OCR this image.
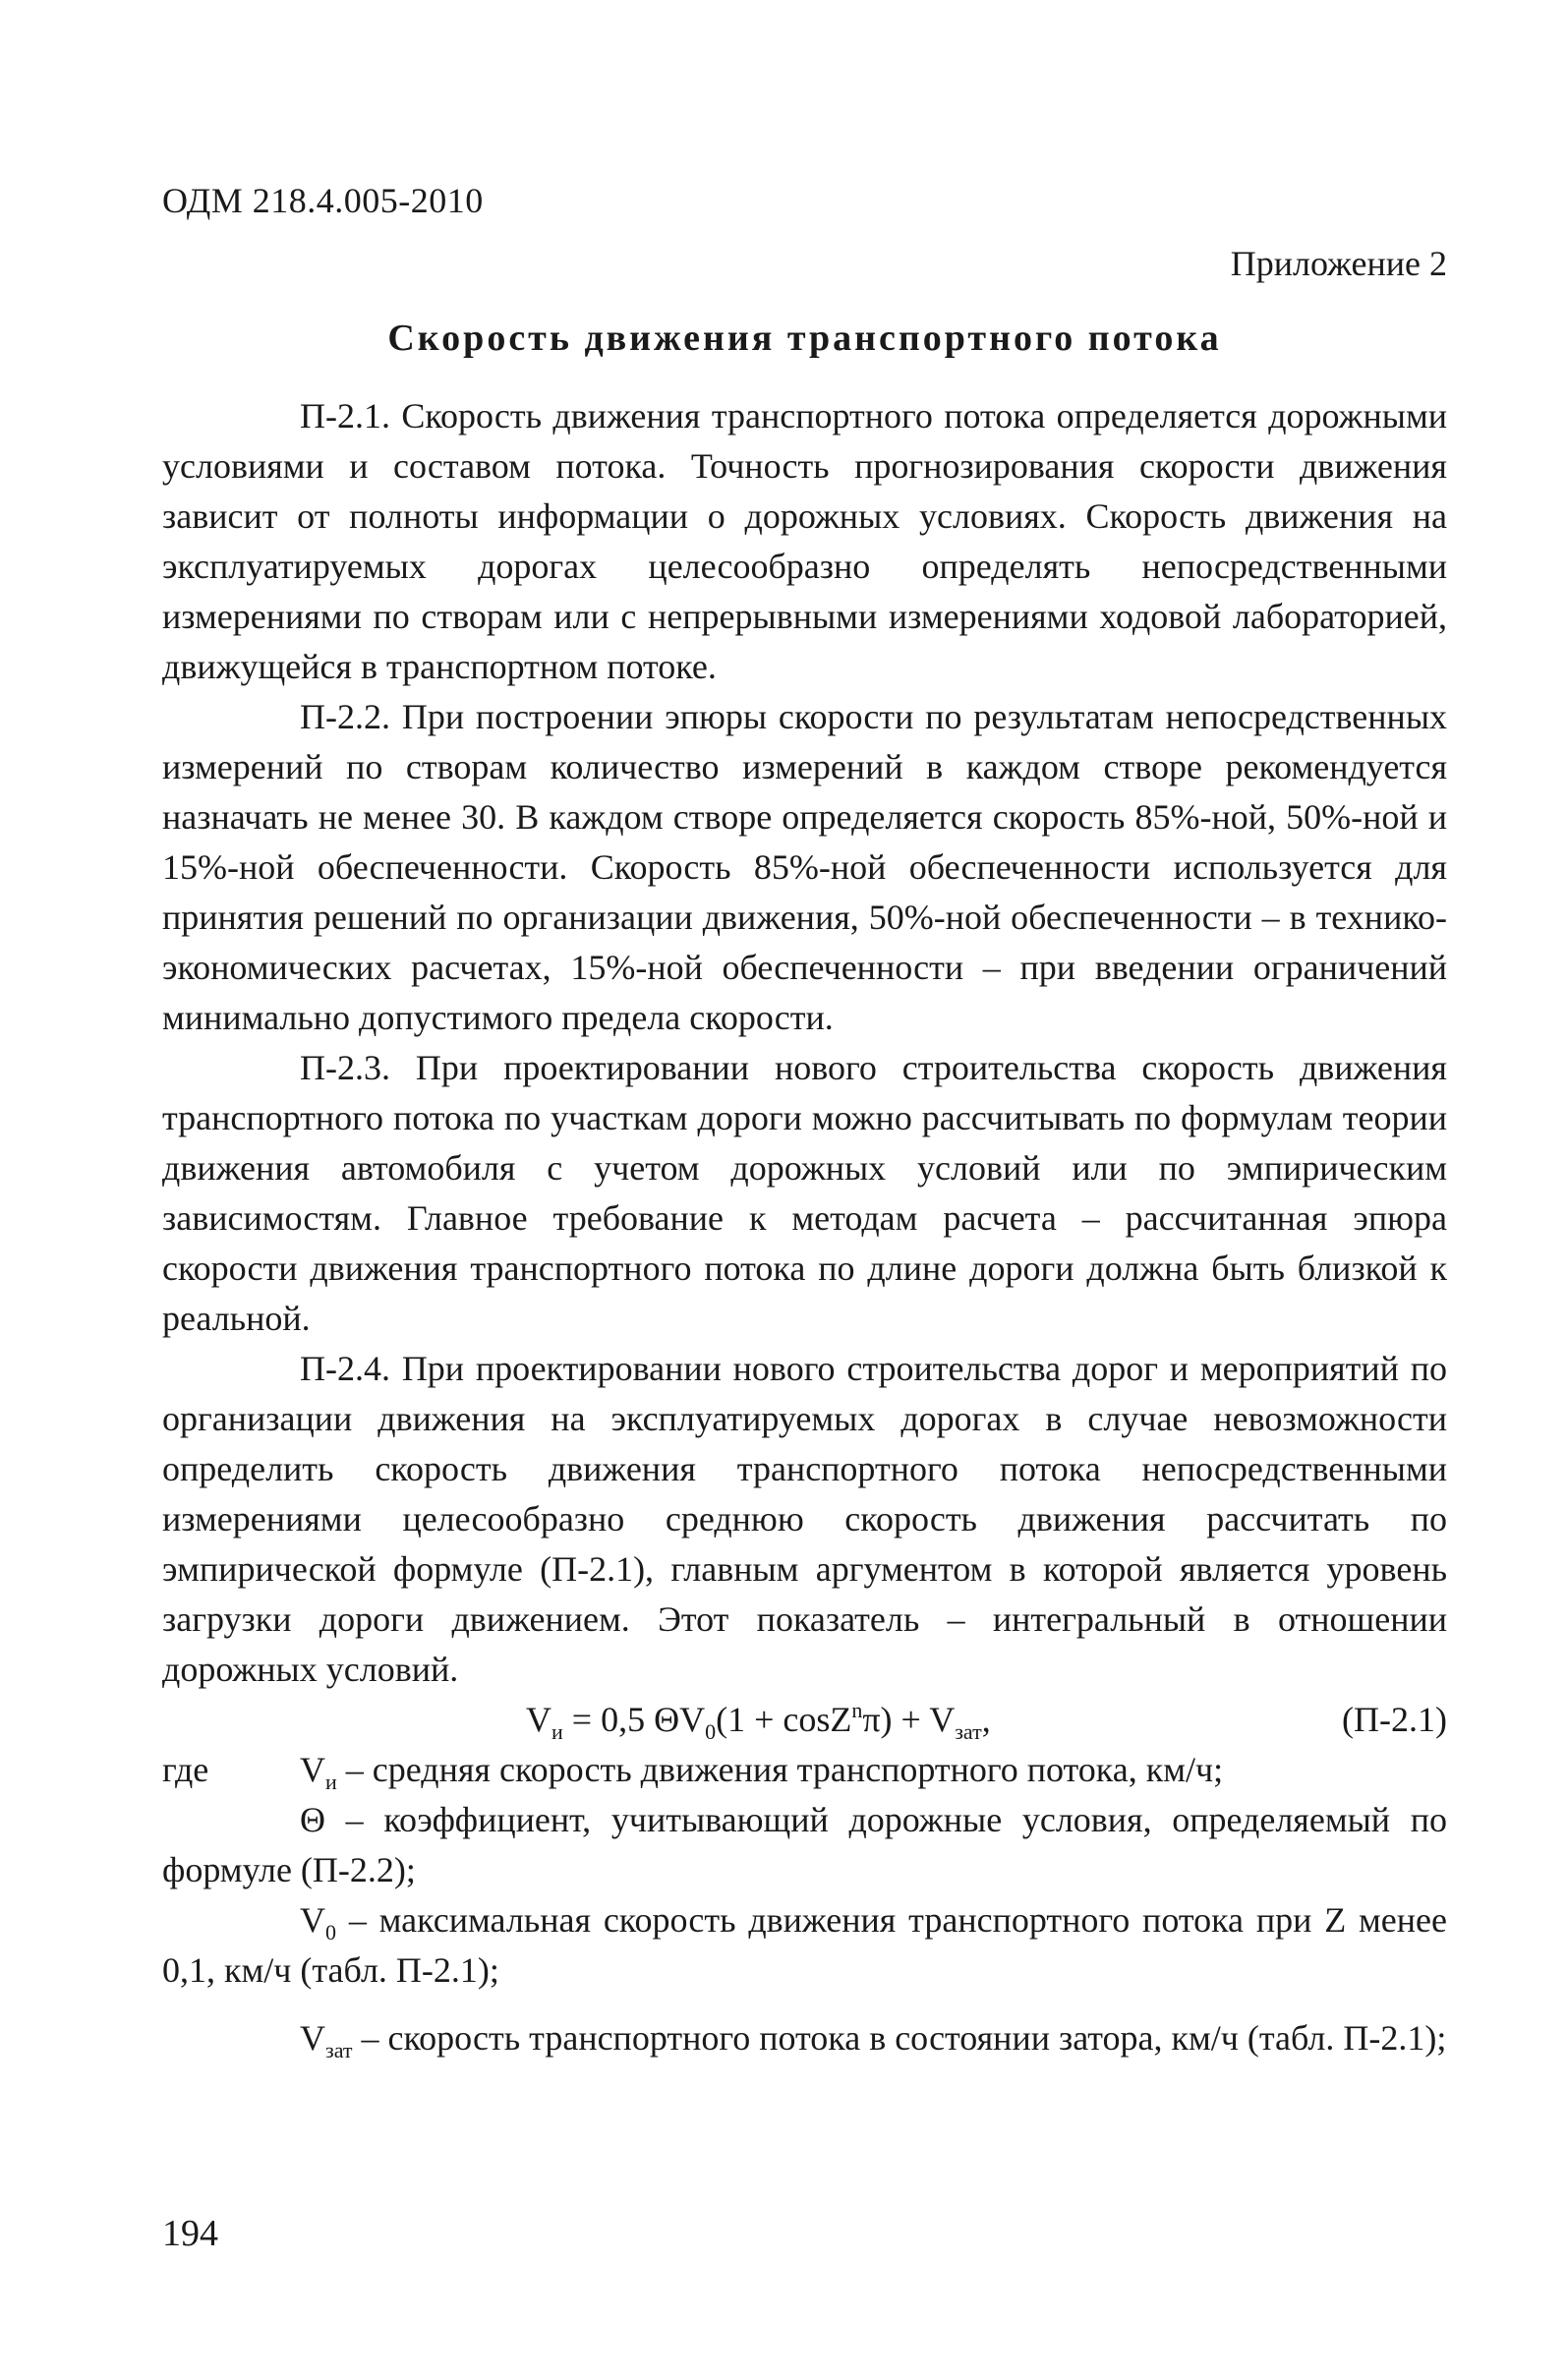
ОДМ 218.4.005-2010
Приложение 2
Скорость движения транспортного потока

П-2.1. Скорость движения транспортного потока определяется дорожными условиями и составом потока. Точность прогнозирования скорости движения зависит от полноты информации о дорожных условиях. Скорость движения на эксплуатируемых дорогах целесообразно определять непосредственными измерениями по створам или с непрерывными измерениями ходовой лабораторией, движущейся в транспортном потоке.

П-2.2. При построении эпюры скорости по результатам непосредственных измерений по створам количество измерений в каждом створе рекомендуется назначать не менее 30. В каждом створе определяется скорость 85%-ной, 50%-ной и 15%-ной обеспеченности. Скорость 85%-ной обеспеченности используется для принятия решений по организации движения, 50%-ной обеспеченности – в технико-экономических расчетах, 15%-ной обеспеченности – при введении ограничений минимально допустимого предела скорости.

П-2.3. При проектировании нового строительства скорость движения транспортного потока по участкам дороги можно рассчитывать по формулам теории движения автомобиля с учетом дорожных условий или по эмпирическим зависимостям. Главное требование к методам расчета – рассчитанная эпюра скорости движения транспортного потока по длине дороги должна быть близкой к реальной.

П-2.4. При проектировании нового строительства дорог и мероприятий по организации движения на эксплуатируемых дорогах в случае невозможности определить скорость движения транспортного потока непосредственными измерениями целесообразно среднюю скорость движения рассчитать по эмпирической формуле (П-2.1), главным аргументом в которой является уровень загрузки дороги движением. Этот показатель – интегральный в отношении дорожных условий.

$V_и = 0,5$ $\Theta V_0(1 + \cos Z^n\pi) + V_{зат}$,	(П-2.1)

где	$V_и$ – средняя скорость движения транспортного потока, км/ч;

Θ – коэффициент, учитывающий дорожные условия, определяемый по формуле (П-2.2);

$V_0$ – максимальная скорость движения транспортного потока при Z менее 0,1, км/ч (табл. П-2.1);

$V_{зат}$ – скорость транспортного потока в состоянии затора, км/ч (табл. П-2.1);

194
